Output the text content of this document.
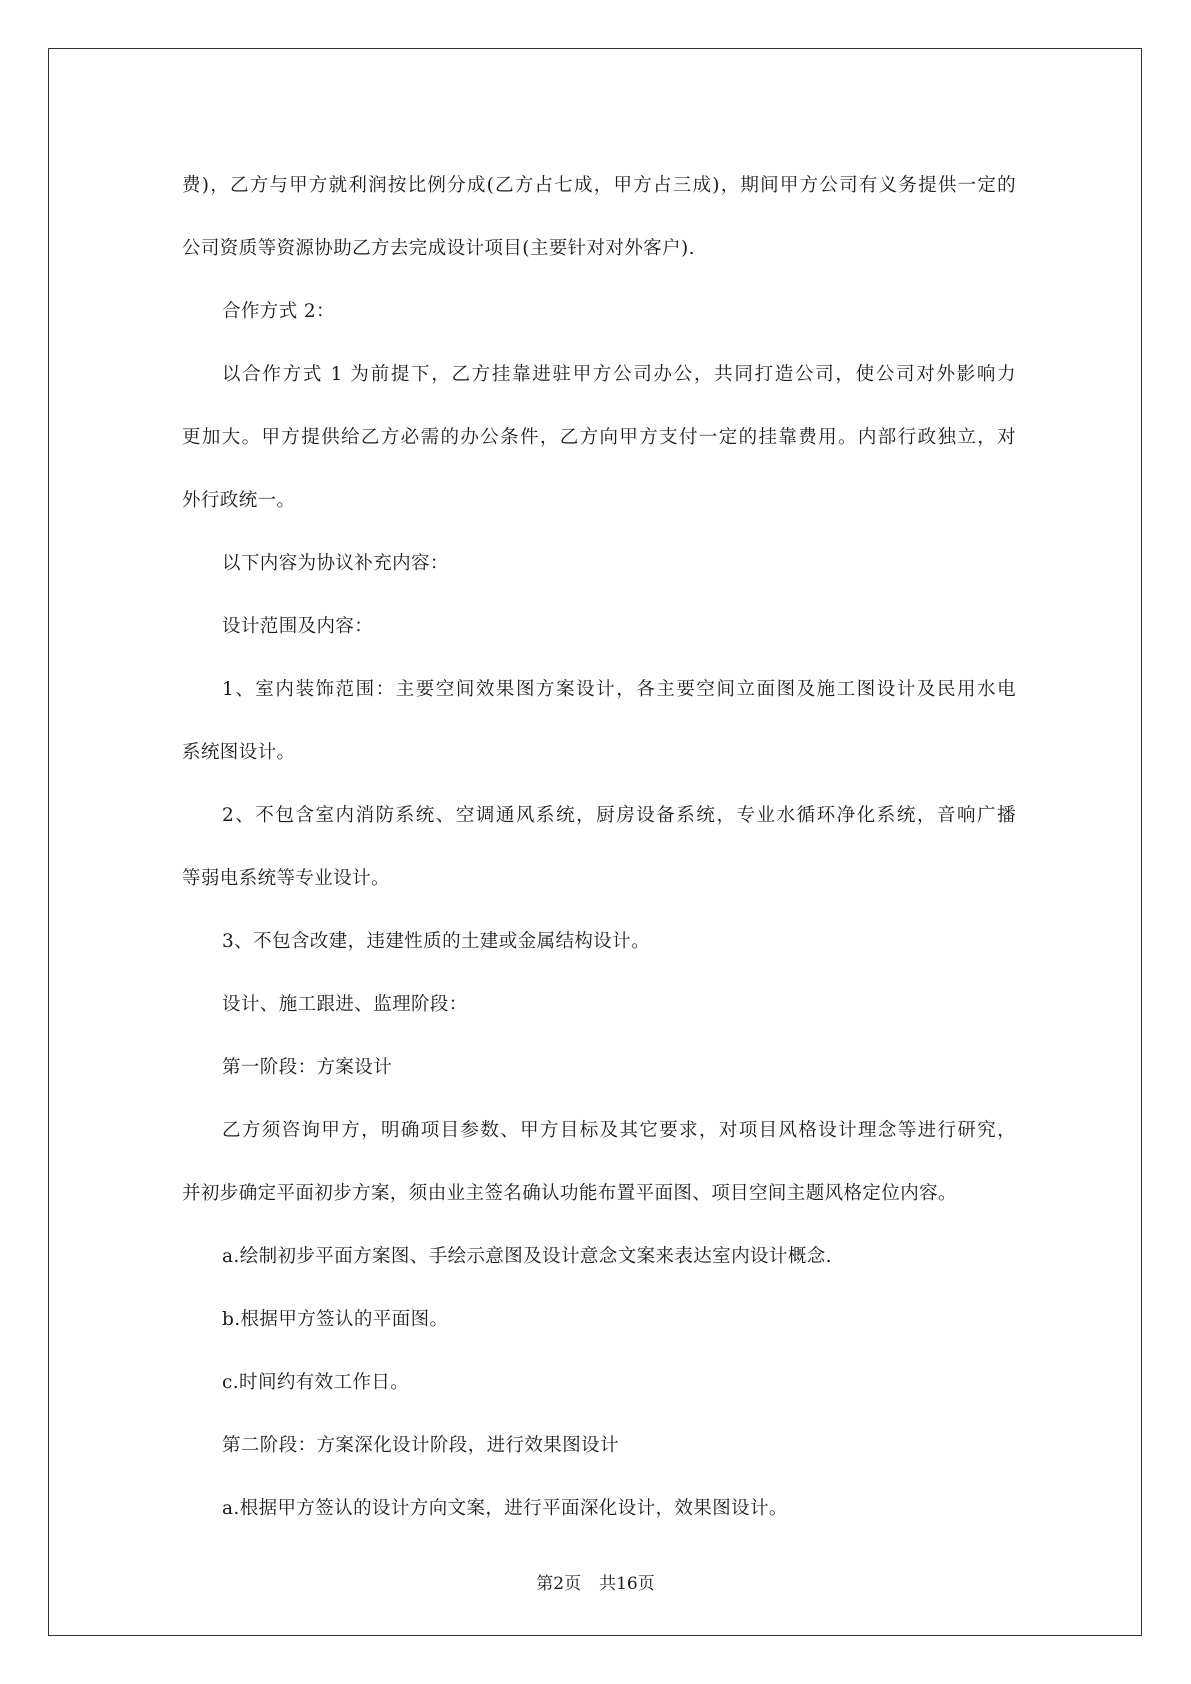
费)，乙方与甲方就利润按比例分成(乙方占七成，甲方占三成)，期间甲方公司有义务提供一定的
公司资质等资源协助乙方去完成设计项目(主要针对对外客户).
合作方式 2：
以合作方式 1 为前提下，乙方挂靠进驻甲方公司办公，共同打造公司，使公司对外影响力
更加大。甲方提供给乙方必需的办公条件，乙方向甲方支付一定的挂靠费用。内部行政独立，对
外行政统一。
以下内容为协议补充内容：
设计范围及内容：
1、室内装饰范围：主要空间效果图方案设计，各主要空间立面图及施工图设计及民用水电
系统图设计。
2、不包含室内消防系统、空调通风系统，厨房设备系统，专业水循环净化系统，音响广播
等弱电系统等专业设计。
3、不包含改建，违建性质的土建或金属结构设计。
设计、施工跟进、监理阶段：
第一阶段：方案设计
乙方须咨询甲方，明确项目参数、甲方目标及其它要求，对项目风格设计理念等进行研究，
并初步确定平面初步方案，须由业主签名确认功能布置平面图、项目空间主题风格定位内容。
a.绘制初步平面方案图、手绘示意图及设计意念文案来表达室内设计概念.
b.根据甲方签认的平面图。
c.时间约有效工作日。
第二阶段：方案深化设计阶段，进行效果图设计
a.根据甲方签认的设计方向文案，进行平面深化设计，效果图设计。
第2页 共16页
